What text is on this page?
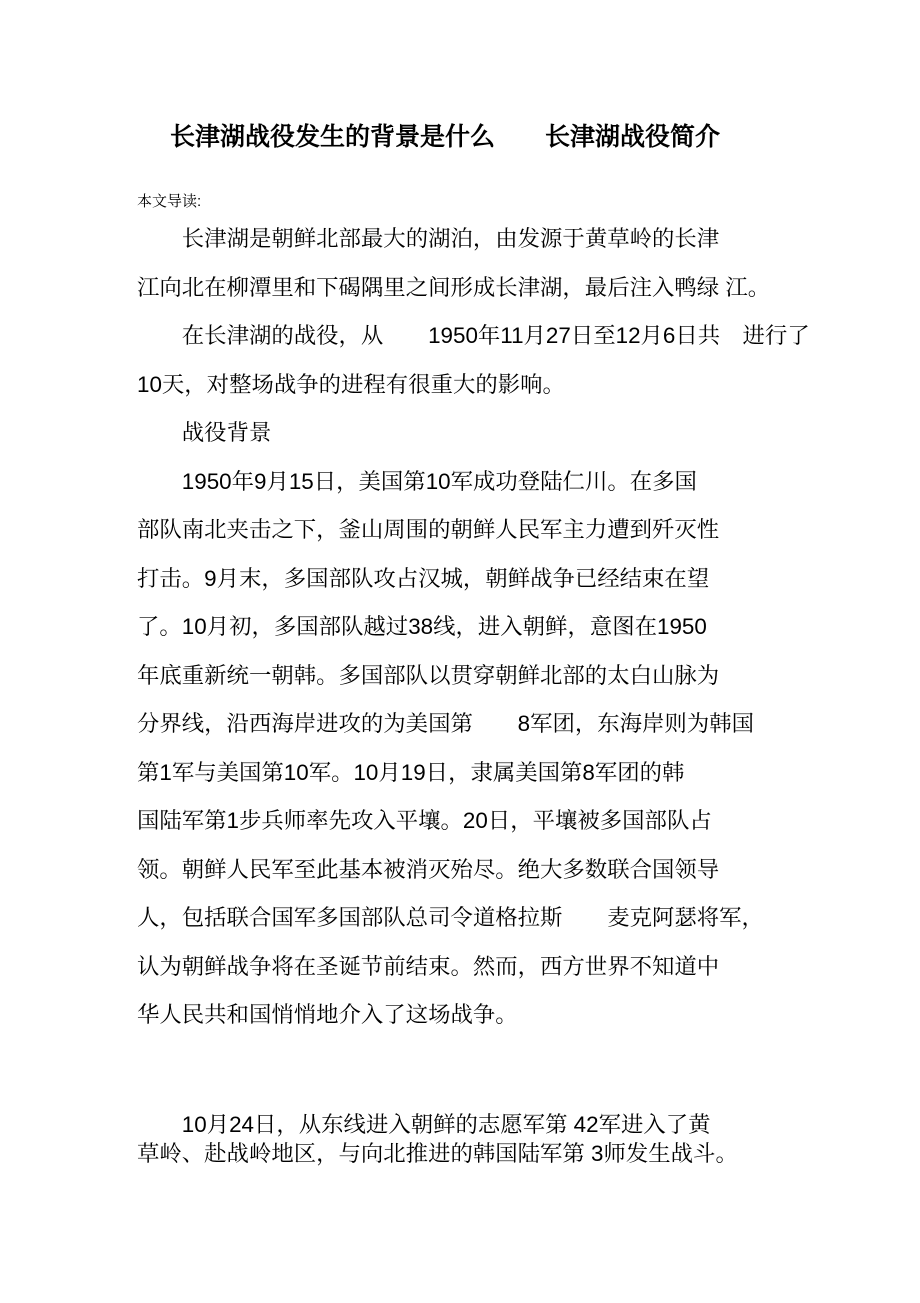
长津湖战役发生的背景是什么　　长津湖战役简介
本文导读:
长津湖是朝鲜北部最大的湖泊，由发源于黄草岭的长津
江向北在柳潭里和下碣隅里之间形成长津湖，最后注入鸭绿 江。
在长津湖的战役，从　　1950年11月27日至12月6日共　进行了
10天，对整场战争的进程有很重大的影响。
战役背景
1950年9月15日，美国第10军成功登陆仁川。在多国
部队南北夹击之下，釜山周围的朝鲜人民军主力遭到歼灭性
打击。9月末，多国部队攻占汉城，朝鲜战争已经结束在望
了。10月初，多国部队越过38线，进入朝鲜，意图在1950
年底重新统一朝韩。多国部队以贯穿朝鲜北部的太白山脉为
分界线，沿西海岸进攻的为美国第　　8军团，东海岸则为韩国
第1军与美国第10军。10月19日，隶属美国第8军团的韩
国陆军第1步兵师率先攻入平壤。20日，平壤被多国部队占
领。朝鲜人民军至此基本被消灭殆尽。绝大多数联合国领导
人，包括联合国军多国部队总司令道格拉斯　　麦克阿瑟将军，
认为朝鲜战争将在圣诞节前结束。然而，西方世界不知道中
华人民共和国悄悄地介入了这场战争。
10月24日，从东线进入朝鲜的志愿军第 42军进入了黄
草岭、赴战岭地区，与向北推进的韩国陆军第 3师发生战斗。
